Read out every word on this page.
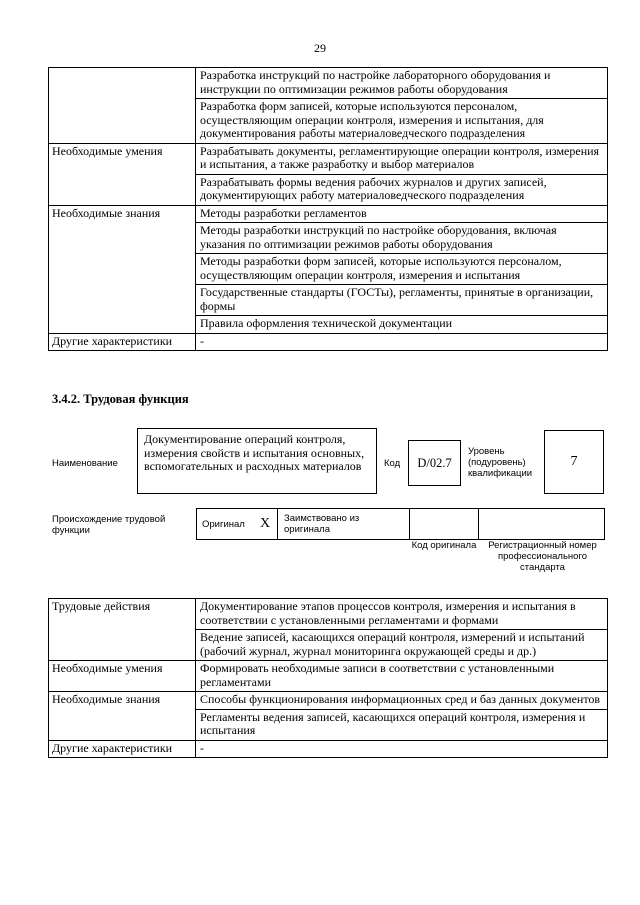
29
	Разработка инструкций по настройке лабораторного оборудования и инструкции по оптимизации режимов работы оборудования
	Разработка форм записей, которые используются персоналом, осуществляющим операции контроля, измерения и испытания, для документирования работы материаловедческого подразделения
Необходимые умения	Разрабатывать документы, регламентирующие операции контроля, измерения и испытания, а также разработку и выбор материалов
	Разрабатывать формы ведения рабочих журналов и других записей, документирующих работу материаловедческого подразделения
Необходимые знания	Методы разработки регламентов
	Методы разработки инструкций по настройке оборудования, включая указания по оптимизации режимов работы оборудования
	Методы разработки форм записей, которые используются персоналом, осуществляющим операции контроля, измерения и испытания
	Государственные стандарты (ГОСТы), регламенты, принятые в организации, формы
	Правила оформления технической документации
Другие характеристики	-
3.4.2. Трудовая функция
Наименование
Документирование операций контроля, измерения свойств и испытания основных, вспомогательных и расходных материалов	Код D/02.7
Уровень (подуровень) квалификации
7
Происхождение трудовой функции
Оригинал X Заимствовано из оригинала
Код оригинала	Регистрационный номер профессионального стандарта
Трудовые действия	Документирование этапов процессов контроля, измерения и испытания в соответствии с установленными регламентами и формами
	Ведение записей, касающихся операций контроля, измерений и испытаний (рабочий журнал, журнал мониторинга окружающей среды и др.)
Необходимые умения	Формировать необходимые записи в соответствии с установленными регламентами
Необходимые знания	Способы функционирования информационных сред и баз данных документов
	Регламенты ведения записей, касающихся операций контроля, измерения и испытания
Другие характеристики	-
